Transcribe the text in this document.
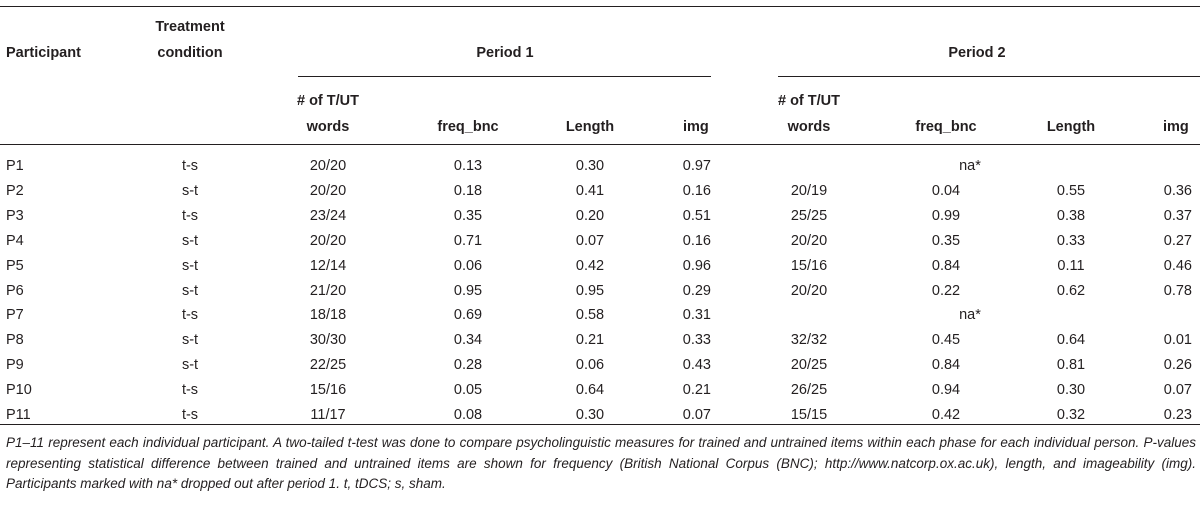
Participant
Treatment
condition	Period 1	Period 2
# of T/UT
words	freq_bnc	Length	img
# of T/UT
words	freq_bnc	Length	img
P1	t-s	20/20	0.13	0.30	0.97	na*
P2	s-t	20/20	0.18	0.41	0.16	20/19	0.04	0.55	0.36
P3	t-s	23/24	0.35	0.20	0.51	25/25	0.99	0.38	0.37
P4	s-t	20/20	0.71	0.07	0.16	20/20	0.35	0.33	0.27
P5	s-t	12/14	0.06	0.42	0.96	15/16	0.84	0.11	0.46
P6	s-t	21/20	0.95	0.95	0.29	20/20	0.22	0.62	0.78
P7	t-s	18/18	0.69	0.58	0.31	na*
P8	s-t	30/30	0.34	0.21	0.33	32/32	0.45	0.64	0.01
P9	s-t	22/25	0.28	0.06	0.43	20/25	0.84	0.81	0.26
P10	t-s	15/16	0.05	0.64	0.21	26/25	0.94	0.30	0.07
P11	t-s	11/17	0.08	0.30	0.07	15/15	0.42	0.32	0.23
P1–11 represent each individual participant. A two-tailed t-test was done to compare psycholinguistic measures for trained and untrained items within each phase for each individual person. P-values representing statistical difference between trained and untrained items are shown for frequency (British National Corpus (BNC); http://www.natcorp.ox.ac.uk), length, and imageability (img). Participants marked with na* dropped out after period 1. t, tDCS; s, sham.
